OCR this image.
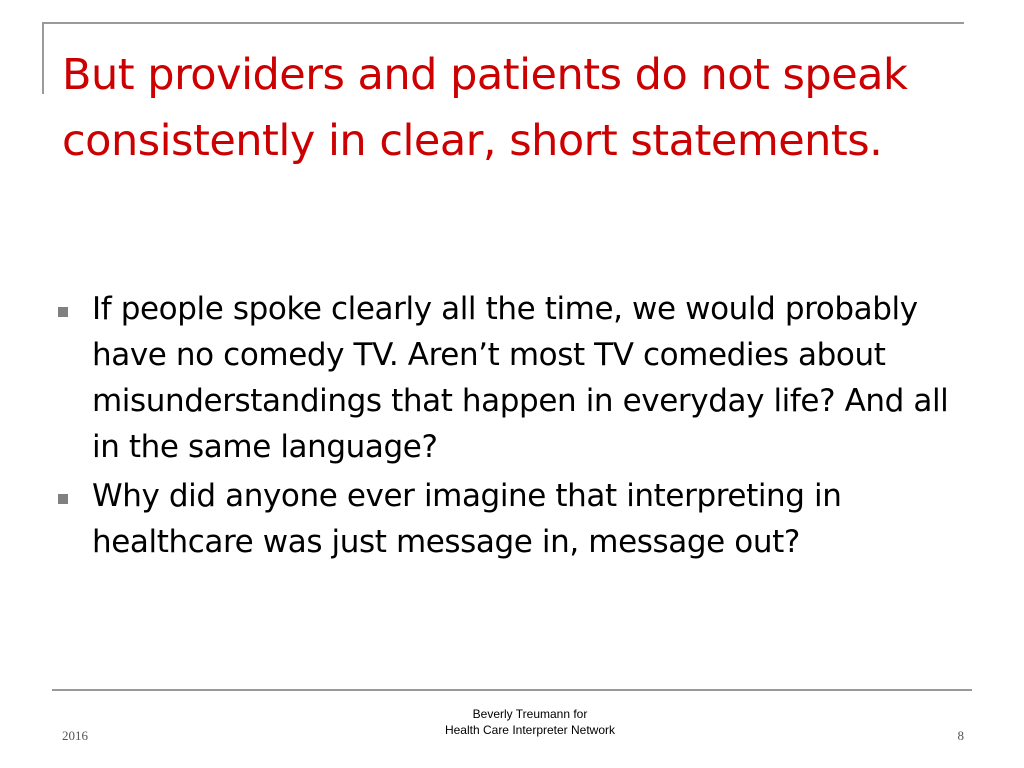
But providers and patients do not speak consistently in clear, short statements.
If people spoke clearly all the time, we would probably have no comedy TV. Aren’t most TV comedies about misunderstandings that happen in everyday life? And all in the same language?
Why did anyone ever imagine that interpreting in healthcare was just message in, message out?
Beverly Treumann for
Health Care Interpreter Network
2016	8
